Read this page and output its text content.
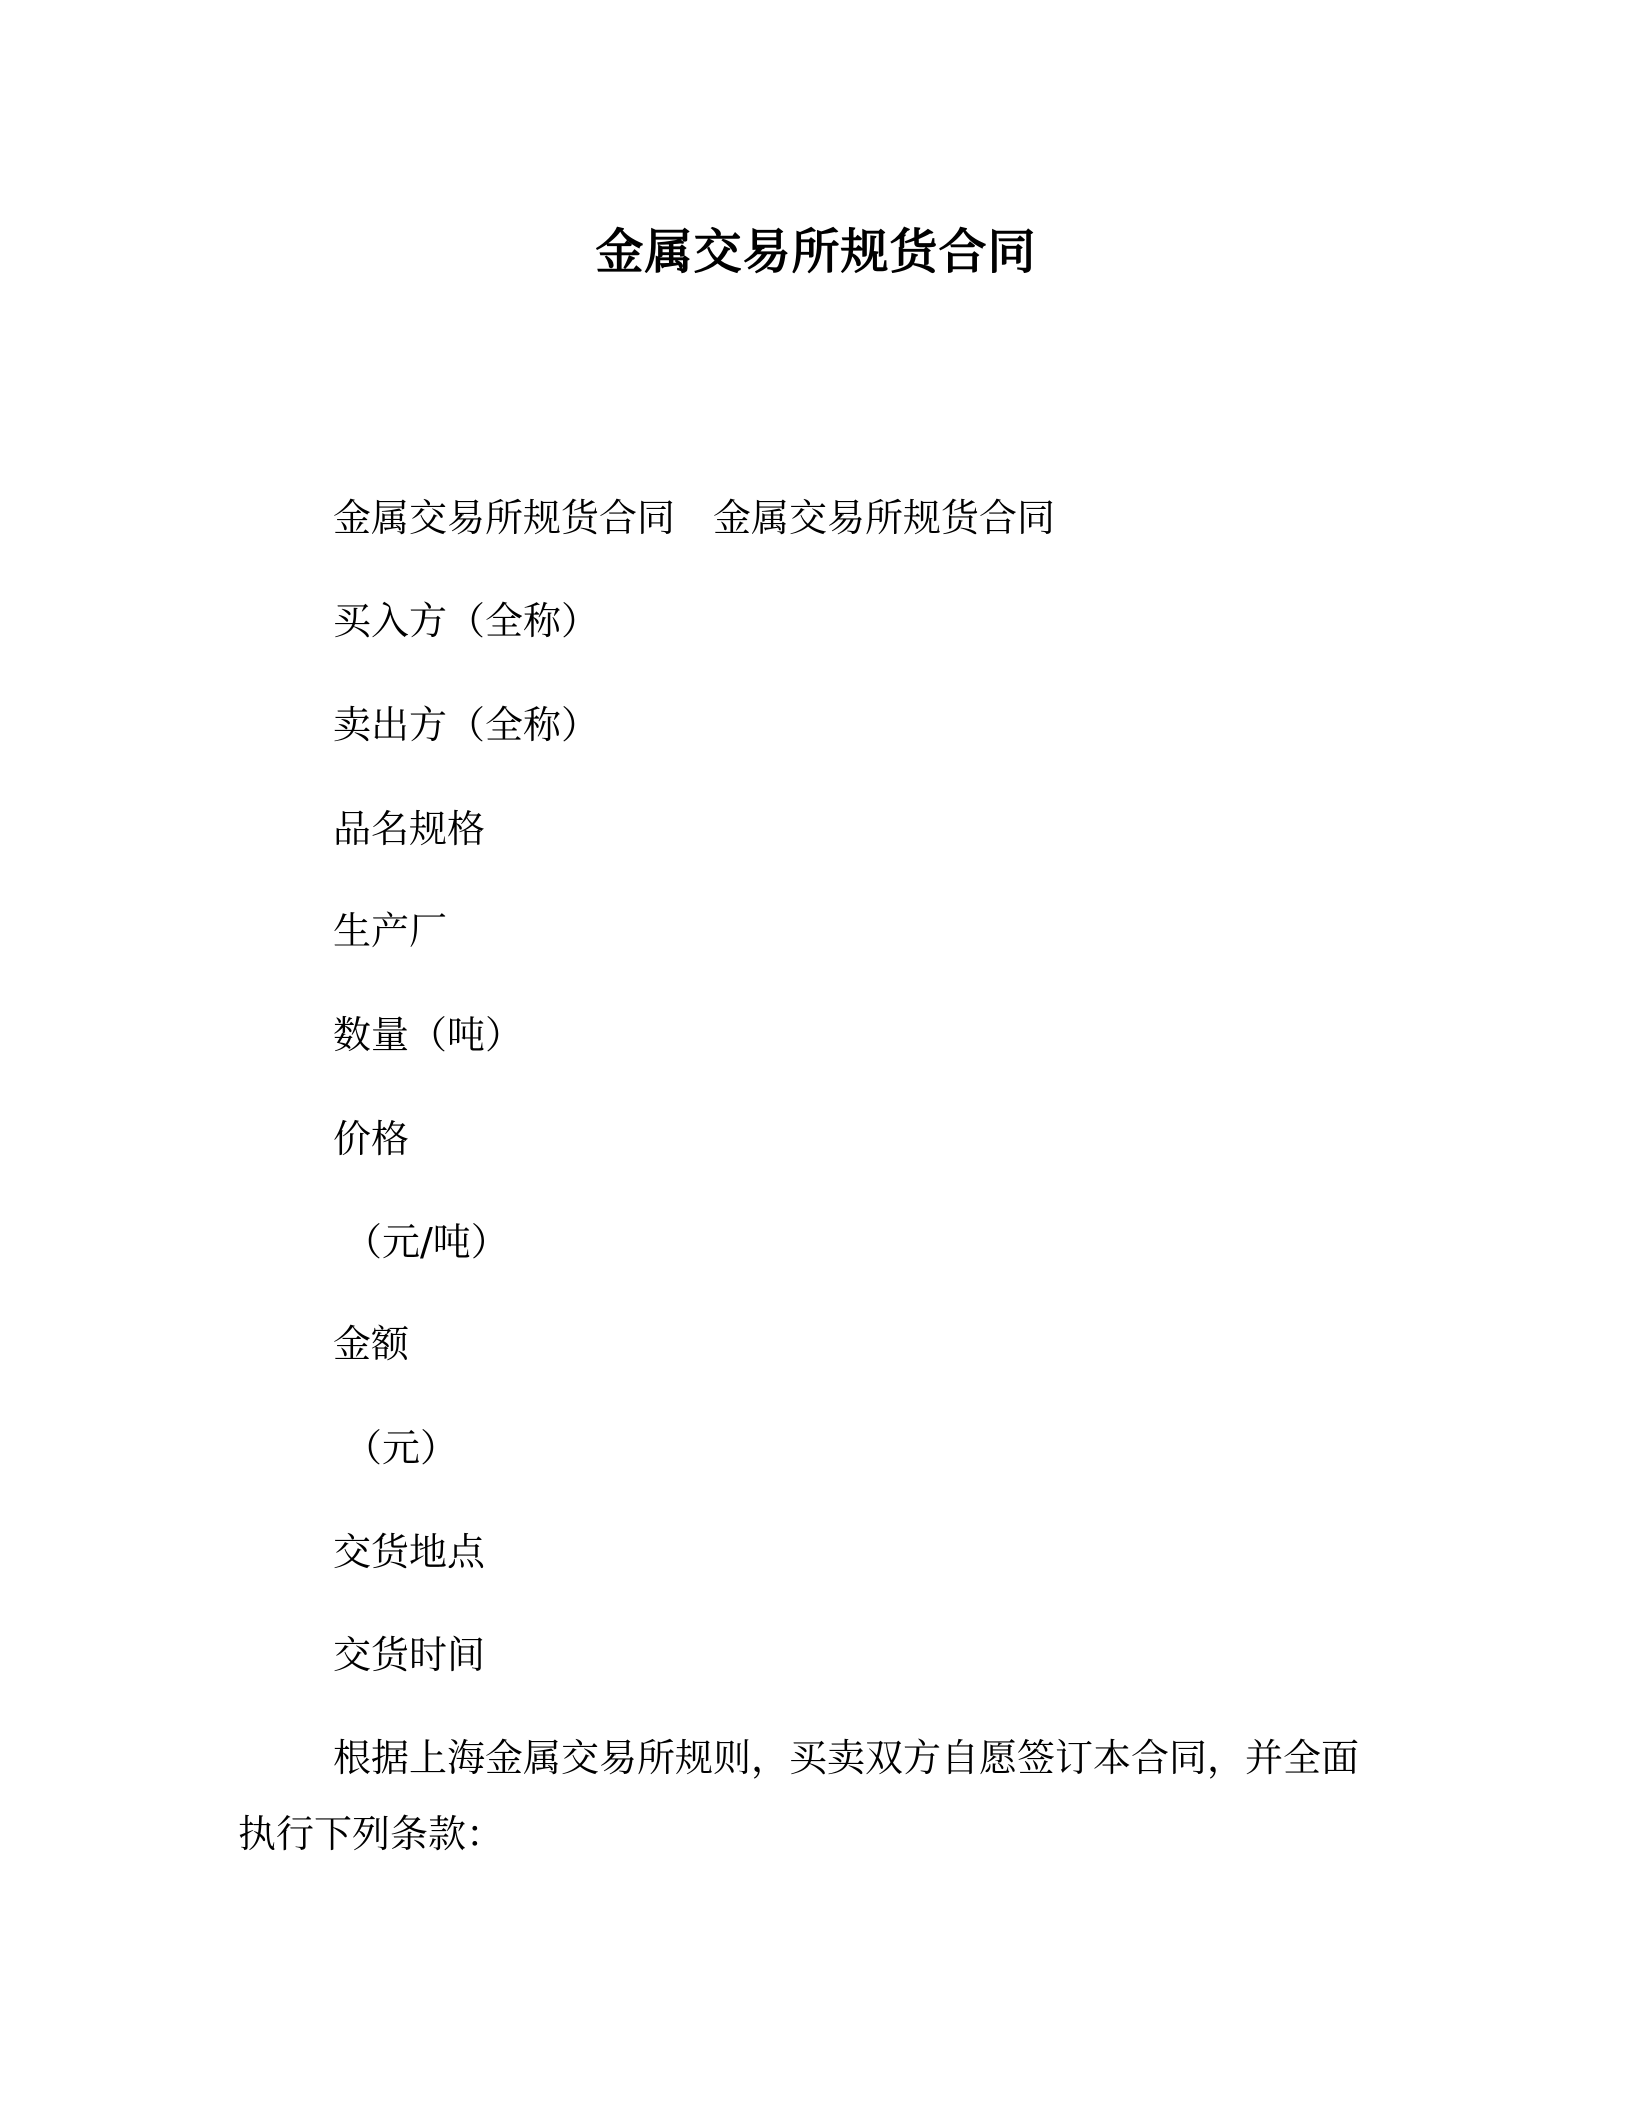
金属交易所规货合同
金属交易所规货合同　金属交易所规货合同
买入方（全称）
卖出方（全称）
品名规格
生产厂
数量（吨）
价格
（元/吨）
金额
（元）
交货地点
交货时间
根据上海金属交易所规则，买卖双方自愿签订本合同，并全面执行下列条款：
